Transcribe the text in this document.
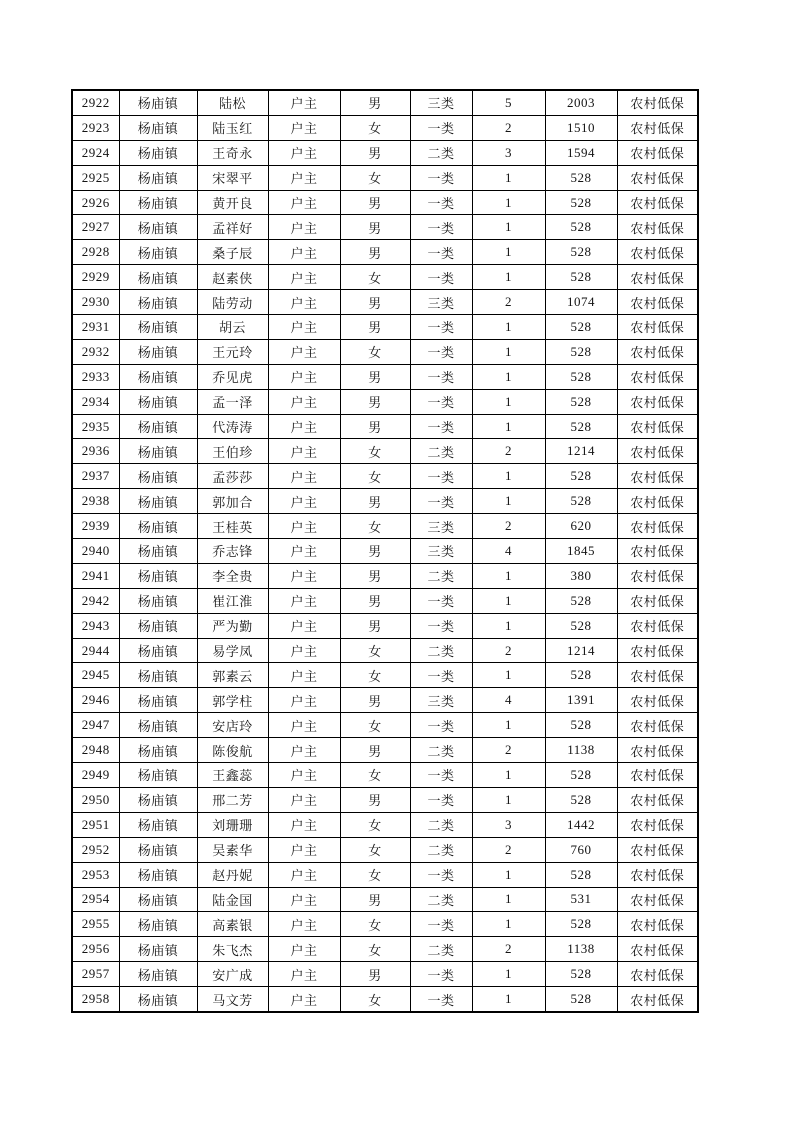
2922	杨庙镇	陆松	户主	男	三类	5	2003	农村低保
2923	杨庙镇	陆玉红	户主	女	一类	2	1510	农村低保
2924	杨庙镇	王奇永	户主	男	二类	3	1594	农村低保
2925	杨庙镇	宋翠平	户主	女	一类	1	528	农村低保
2926	杨庙镇	黄开良	户主	男	一类	1	528	农村低保
2927	杨庙镇	孟祥好	户主	男	一类	1	528	农村低保
2928	杨庙镇	桑子辰	户主	男	一类	1	528	农村低保
2929	杨庙镇	赵素侠	户主	女	一类	1	528	农村低保
2930	杨庙镇	陆劳动	户主	男	三类	2	1074	农村低保
2931	杨庙镇	胡云	户主	男	一类	1	528	农村低保
2932	杨庙镇	王元玲	户主	女	一类	1	528	农村低保
2933	杨庙镇	乔见虎	户主	男	一类	1	528	农村低保
2934	杨庙镇	孟一泽	户主	男	一类	1	528	农村低保
2935	杨庙镇	代涛涛	户主	男	一类	1	528	农村低保
2936	杨庙镇	王伯珍	户主	女	二类	2	1214	农村低保
2937	杨庙镇	孟莎莎	户主	女	一类	1	528	农村低保
2938	杨庙镇	郭加合	户主	男	一类	1	528	农村低保
2939	杨庙镇	王桂英	户主	女	三类	2	620	农村低保
2940	杨庙镇	乔志锋	户主	男	三类	4	1845	农村低保
2941	杨庙镇	李全贵	户主	男	二类	1	380	农村低保
2942	杨庙镇	崔江淮	户主	男	一类	1	528	农村低保
2943	杨庙镇	严为勤	户主	男	一类	1	528	农村低保
2944	杨庙镇	易学凤	户主	女	二类	2	1214	农村低保
2945	杨庙镇	郭素云	户主	女	一类	1	528	农村低保
2946	杨庙镇	郭学柱	户主	男	三类	4	1391	农村低保
2947	杨庙镇	安店玲	户主	女	一类	1	528	农村低保
2948	杨庙镇	陈俊航	户主	男	二类	2	1138	农村低保
2949	杨庙镇	王鑫蕊	户主	女	一类	1	528	农村低保
2950	杨庙镇	邢二芳	户主	男	一类	1	528	农村低保
2951	杨庙镇	刘珊珊	户主	女	二类	3	1442	农村低保
2952	杨庙镇	吴素华	户主	女	二类	2	760	农村低保
2953	杨庙镇	赵丹妮	户主	女	一类	1	528	农村低保
2954	杨庙镇	陆金国	户主	男	二类	1	531	农村低保
2955	杨庙镇	高素银	户主	女	一类	1	528	农村低保
2956	杨庙镇	朱飞杰	户主	女	二类	2	1138	农村低保
2957	杨庙镇	安广成	户主	男	一类	1	528	农村低保
2958	杨庙镇	马文芳	户主	女	一类	1	528	农村低保
